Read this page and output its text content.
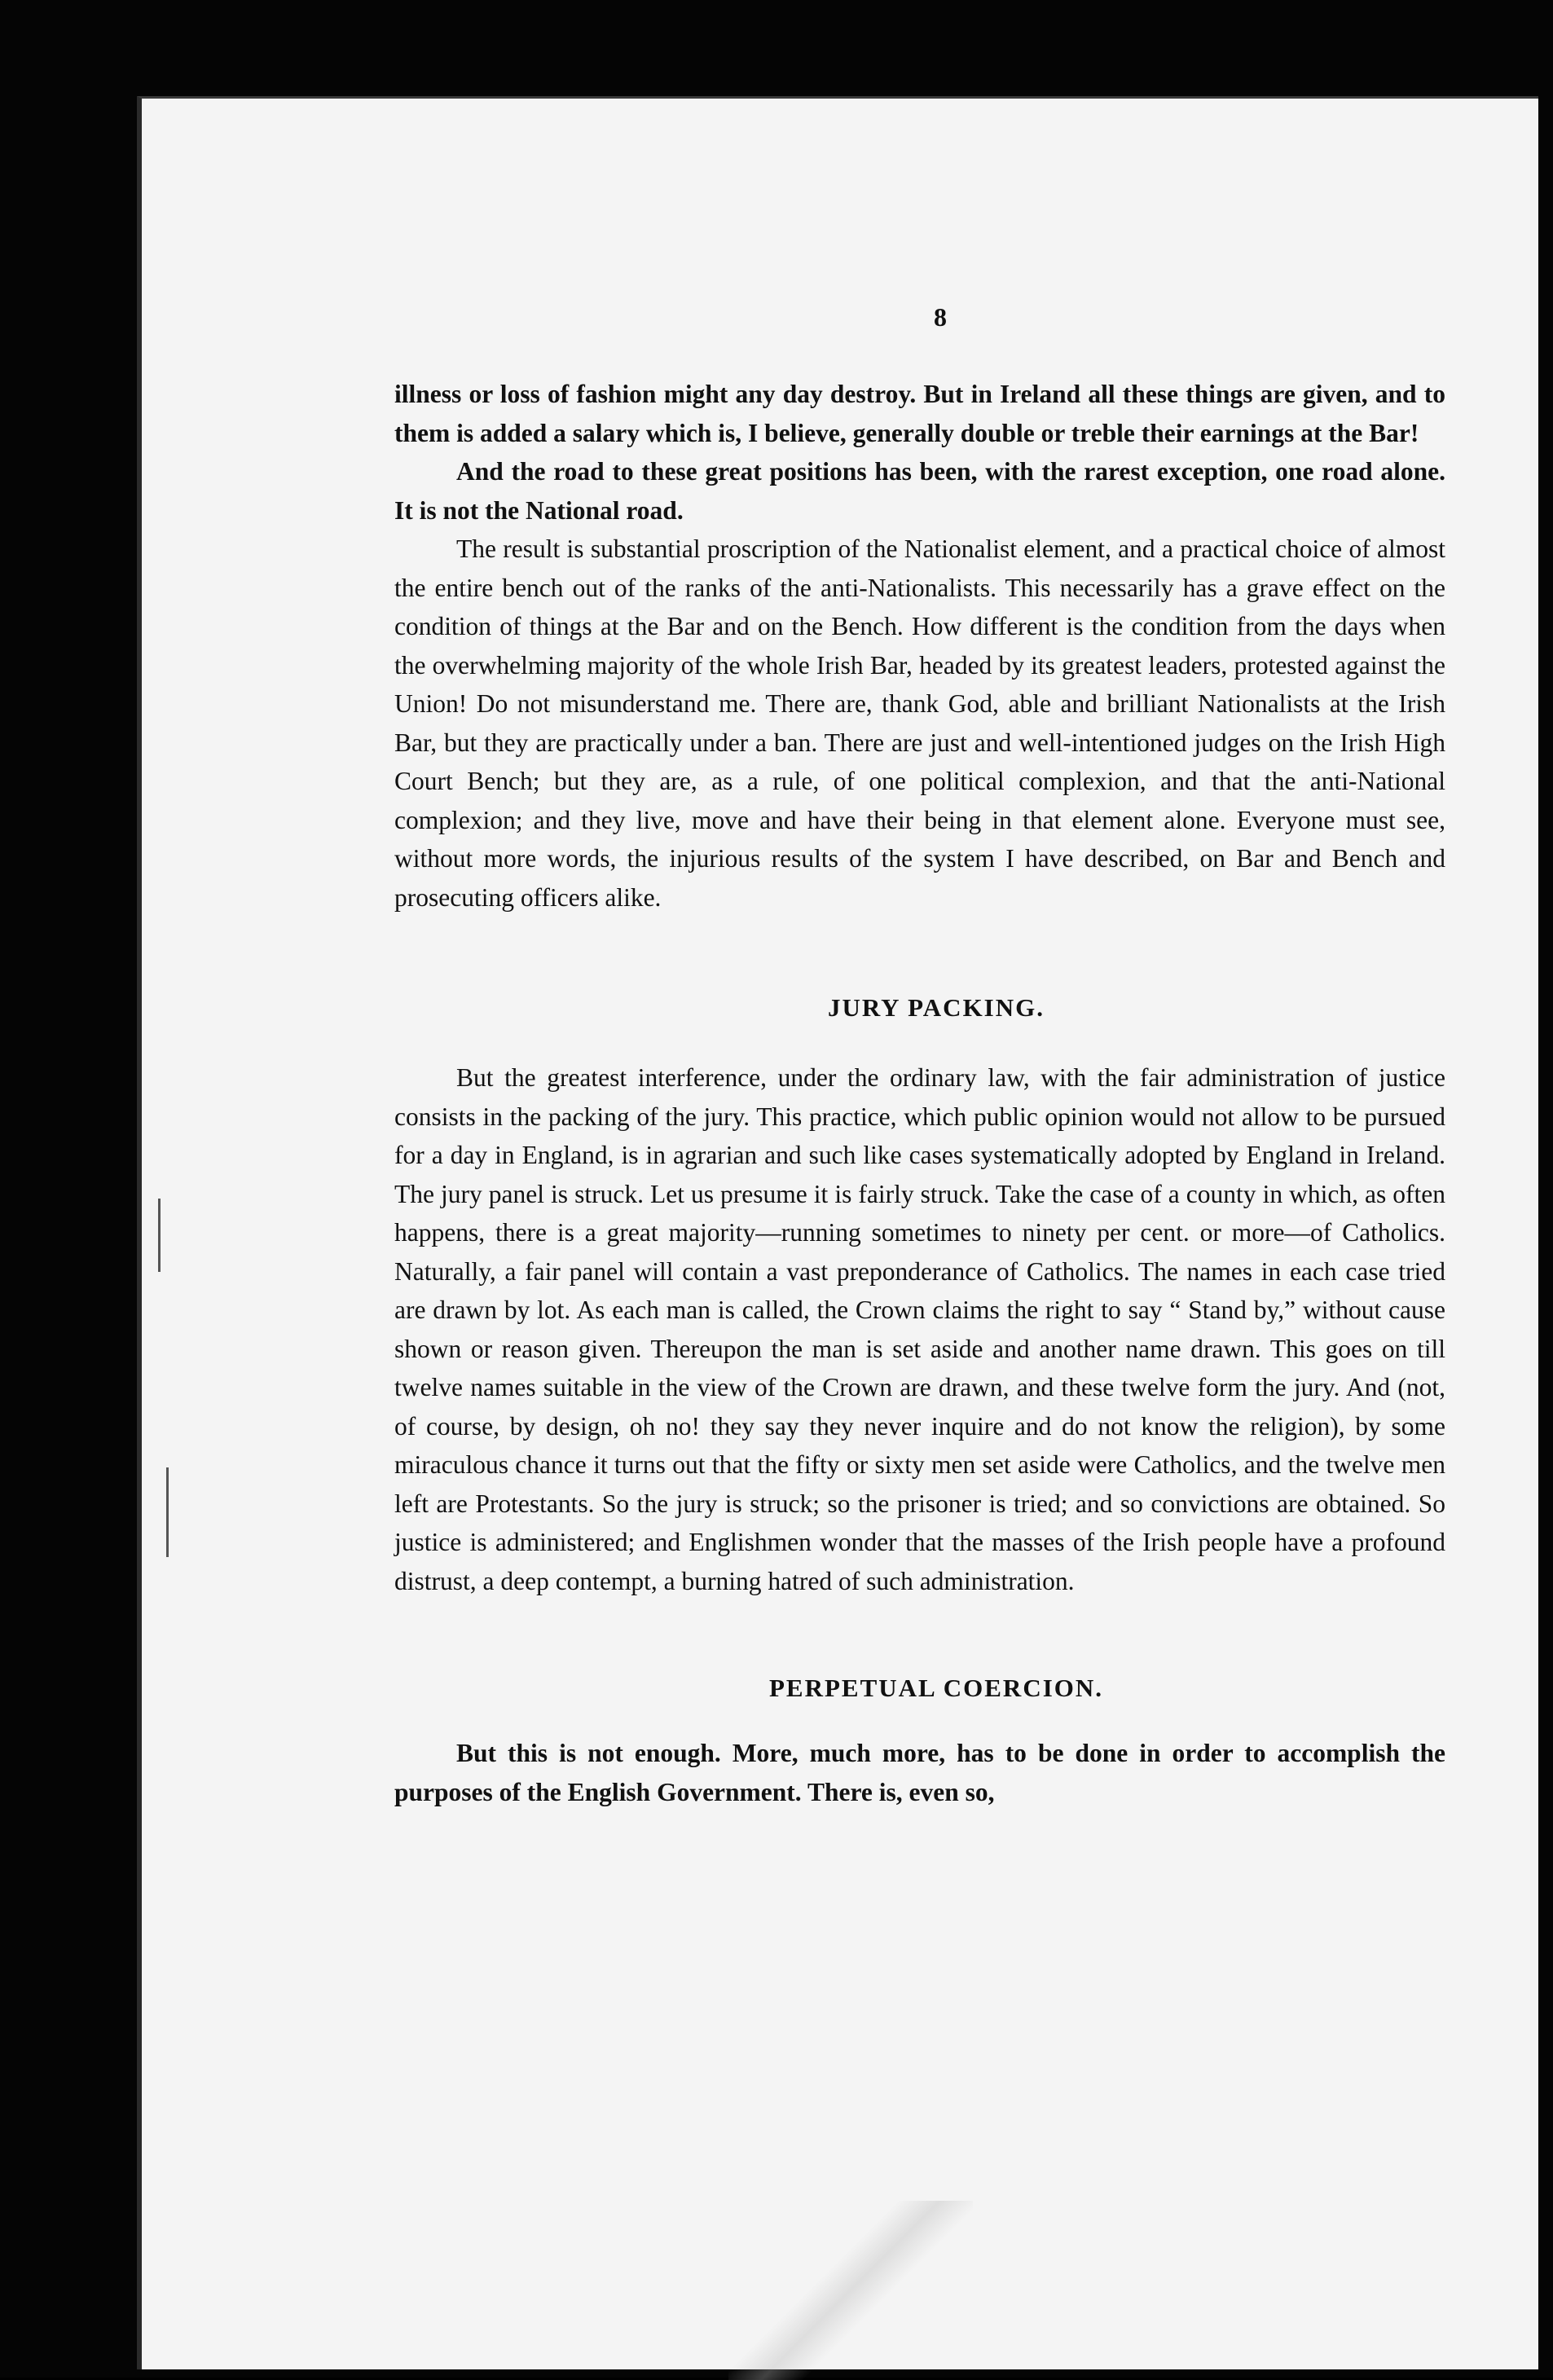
8

illness or loss of fashion might any day destroy. But in Ireland all these things are given, and to them is added a salary which is, I believe, generally double or treble their earnings at the Bar!

And the road to these great positions has been, with the rarest exception, one road alone. It is not the National road.

The result is substantial proscription of the Nationalist element, and a practical choice of almost the entire bench out of the ranks of the anti-Nationalists. This necessarily has a grave effect on the condition of things at the Bar and on the Bench. How different is the condition from the days when the overwhelming majority of the whole Irish Bar, headed by its greatest leaders, protested against the Union! Do not misunderstand me. There are, thank God, able and brilliant Nationalists at the Irish Bar, but they are practically under a ban. There are just and well-intentioned judges on the Irish High Court Bench; but they are, as a rule, of one political complexion, and that the anti-National complexion; and they live, move and have their being in that element alone. Everyone must see, without more words, the injurious results of the system I have described, on Bar and Bench and prosecuting officers alike.

JURY PACKING.

But the greatest interference, under the ordinary law, with the fair administration of justice consists in the packing of the jury. This practice, which public opinion would not allow to be pursued for a day in England, is in agrarian and such like cases systematically adopted by England in Ireland. The jury panel is struck. Let us presume it is fairly struck. Take the case of a county in which, as often happens, there is a great majority—running sometimes to ninety per cent. or more—of Catholics. Naturally, a fair panel will contain a vast preponderance of Catholics. The names in each case tried are drawn by lot. As each man is called, the Crown claims the right to say “ Stand by,” without cause shown or reason given. Thereupon the man is set aside and another name drawn. This goes on till twelve names suitable in the view of the Crown are drawn, and these twelve form the jury. And (not, of course, by design, oh no! they say they never inquire and do not know the religion), by some miraculous chance it turns out that the fifty or sixty men set aside were Catholics, and the twelve men left are Protestants. So the jury is struck; so the prisoner is tried; and so convictions are obtained. So justice is administered; and Englishmen wonder that the masses of the Irish people have a profound distrust, a deep contempt, a burning hatred of such administration.

PERPETUAL COERCION.

But this is not enough. More, much more, has to be done in order to accomplish the purposes of the English Government. There is, even so,
